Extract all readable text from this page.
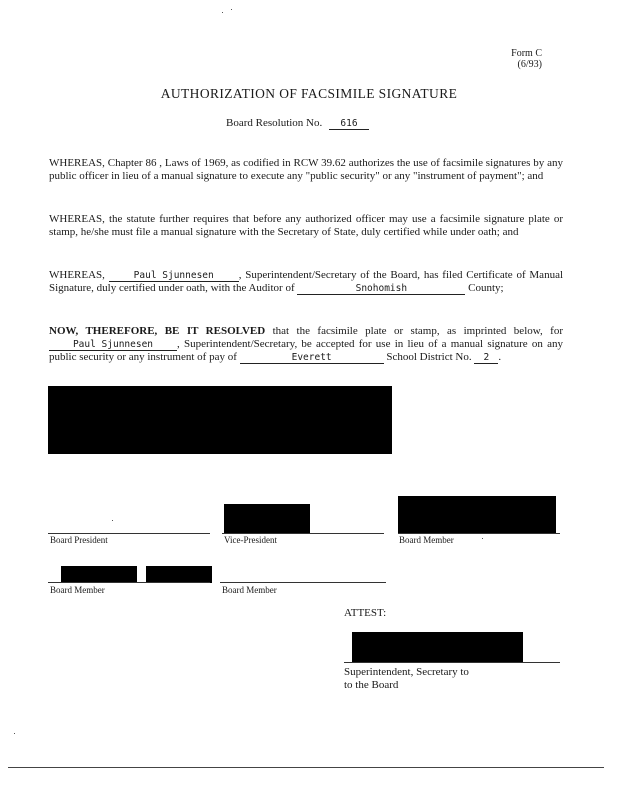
Form C
(6/93)
AUTHORIZATION OF FACSIMILE SIGNATURE
Board Resolution No. 616
WHEREAS, Chapter 86 , Laws of 1969, as codified in RCW 39.62 authorizes the use of facsimile signatures by any public officer in lieu of a manual signature to execute any "public security" or any "instrument of payment"; and
WHEREAS, the statute further requires that before any authorized officer may use a facsimile signature plate or stamp, he/she must file a manual signature with the Secretary of State, duly certified while under oath; and
WHEREAS,	Paul Sjunnesen , Superintendent/Secretary of the Board, has filed Certificate of Manual Signature, duly certified under oath, with the Auditor of	Snohomish	County;
NOW, THEREFORE, BE IT RESOLVED that the facsimile plate or stamp, as imprinted below, for Paul Sjunnesen , Superintendent/Secretary, be accepted for use in lieu of a manual signature on any public security or any instrument of pay of	Everett	School District No. 2 .
Board President	Vice-President	Board Member
Board Member	Board Member
ATTEST:
Superintendent, Secretary to
to the Board
